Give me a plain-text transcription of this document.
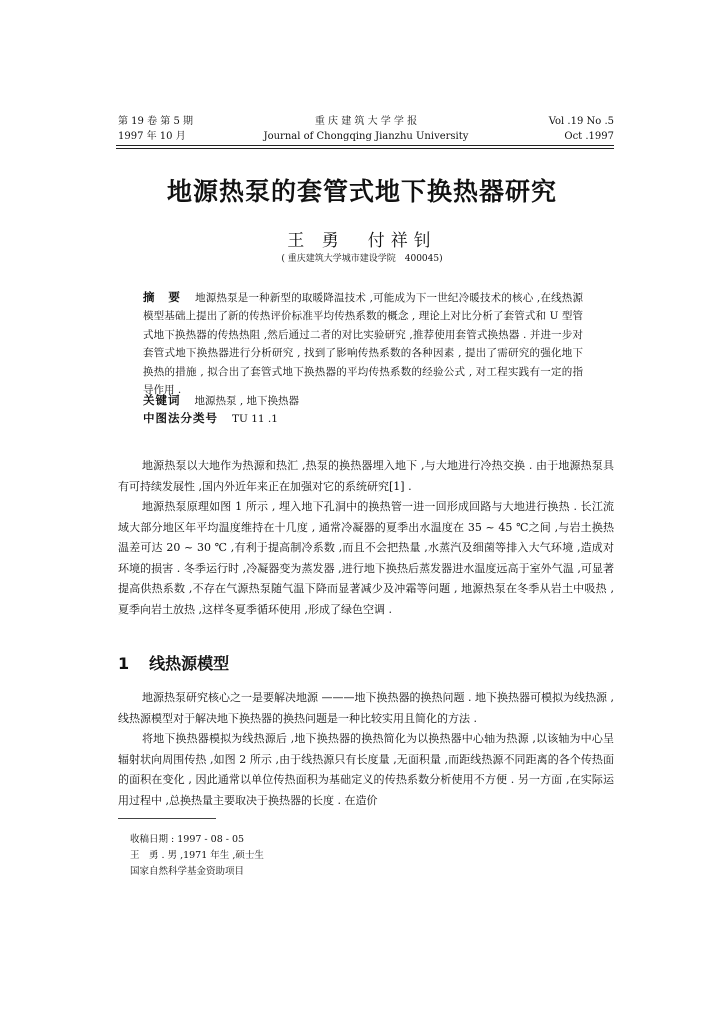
第 19 卷 第 5 期	重 庆 建 筑 大 学 学 报	Vol .19 No .5
1997 年 10 月	Journal of Chongqing Jianzhu University	Oct .1997
地源热泵的套管式地下换热器研究
王 勇　付祥钊
( 重庆建筑大学城市建设学院　400045)
摘　要 地源热泵是一种新型的取暖降温技术 ,可能成为下一世纪冷暖技术的核心 ,在线热源模型基础上提出了新的传热评价标准平均传热系数的概念 , 理论上对比分析了套管式和 U 型管式地下换热器的传热热阻 ,然后通过二者的对比实验研究 ,推荐使用套管式换热器 . 并进一步对套管式地下换热器进行分析研究 , 找到了影响传热系数的各种因素 , 提出了需研究的强化地下换热的措施 , 拟合出了套管式地下换热器的平均传热系数的经验公式 , 对工程实践有一定的指导作用 .
关键词 地源热泵 , 地下换热器
中图法分类号 TU 11 .1

地源热泵以大地作为热源和热汇 ,热泵的换热器埋入地下 ,与大地进行冷热交换 . 由于地源热泵具有可持续发展性 ,国内外近年来正在加强对它的系统研究[1] .

地源热泵原理如图 1 所示 , 埋入地下孔洞中的换热管一进一回形成回路与大地进行换热 . 长江流域大部分地区年平均温度维持在十几度 , 通常冷凝器的夏季出水温度在 35 ~ 45 ℃之间 ,与岩土换热温差可达 20 ~ 30 ℃ ,有利于提高制冷系数 ,而且不会把热量 ,水蒸汽及细菌等排入大气环境 ,造成对环境的损害 . 冬季运行时 ,冷凝器变为蒸发器 ,进行地下换热后蒸发器进水温度远高于室外气温 ,可显著提高供热系数 ,不存在气源热泵随气温下降而显著减少及冲霜等问题 , 地源热泵在冬季从岩土中吸热 ,夏季向岩土放热 ,这样冬夏季循环使用 ,形成了绿色空调 .

1 线热源模型

地源热泵研究核心之一是要解决地源 ———地下换热器的换热问题 . 地下换热器可模拟为线热源 ,线热源模型对于解决地下换热器的换热问题是一种比较实用且简化的方法 .

将地下换热器模拟为线热源后 ,地下换热器的换热简化为以换热器中心轴为热源 ,以该轴为中心呈辐射状向周围传热 ,如图 2 所示 ,由于线热源只有长度量 ,无面积量 ,而距线热源不同距离的各个传热面的面积在变化 , 因此通常以单位传热面积为基础定义的传热系数分析使用不方便 . 另一方面 ,在实际运用过程中 ,总换热量主要取决于换热器的长度 . 在造价

收稿日期 : 1997 - 08 - 05
王　勇 . 男 ,1971 年生 ,硕士生
国家自然科学基金资助项目
